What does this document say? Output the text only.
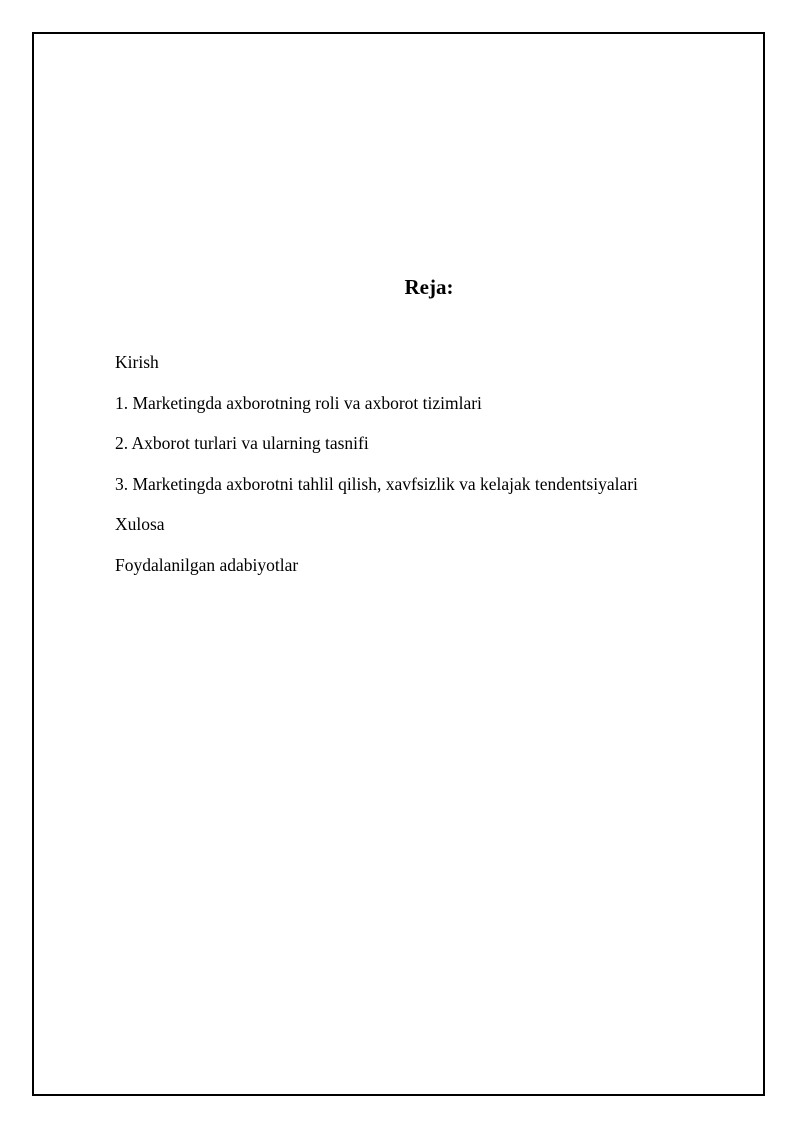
Reja:
Kirish
1. Marketingda axborotning roli va axborot tizimlari
2. Axborot turlari va ularning tasnifi
3. Marketingda axborotni tahlil qilish, xavfsizlik va kelajak tendentsiyalari
Xulosa
Foydalanilgan adabiyotlar
